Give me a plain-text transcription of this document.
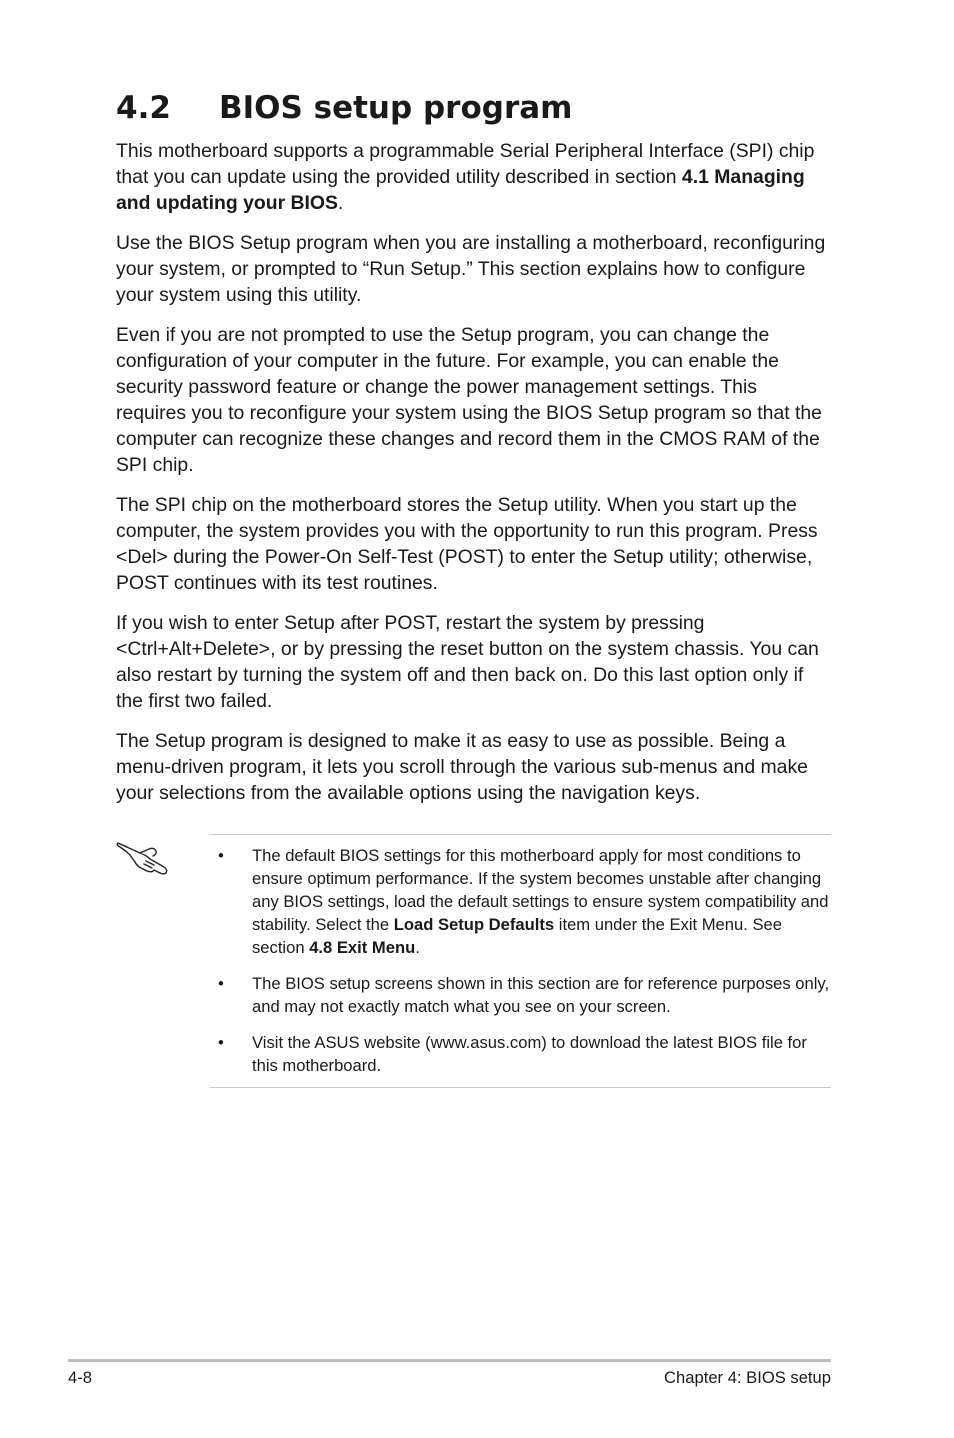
4.2 BIOS setup program

This motherboard supports a programmable Serial Peripheral Interface (SPI) chip that you can update using the provided utility described in section 4.1 Managing and updating your BIOS.

Use the BIOS Setup program when you are installing a motherboard, reconfiguring your system, or prompted to “Run Setup.” This section explains how to configure your system using this utility.

Even if you are not prompted to use the Setup program, you can change the configuration of your computer in the future. For example, you can enable the security password feature or change the power management settings. This requires you to reconfigure your system using the BIOS Setup program so that the computer can recognize these changes and record them in the CMOS RAM of the SPI chip.

The SPI chip on the motherboard stores the Setup utility. When you start up the computer, the system provides you with the opportunity to run this program. Press <Del> during the Power-On Self-Test (POST) to enter the Setup utility; otherwise, POST continues with its test routines.

If you wish to enter Setup after POST, restart the system by pressing <Ctrl+Alt+Delete>, or by pressing the reset button on the system chassis. You can also restart by turning the system off and then back on. Do this last option only if the first two failed.

The Setup program is designed to make it as easy to use as possible. Being a menu-driven program, it lets you scroll through the various sub-menus and make your selections from the available options using the navigation keys.

• The default BIOS settings for this motherboard apply for most conditions to ensure optimum performance. If the system becomes unstable after changing any BIOS settings, load the default settings to ensure system compatibility and stability. Select the Load Setup Defaults item under the Exit Menu. See section 4.8 Exit Menu.
• The BIOS setup screens shown in this section are for reference purposes only, and may not exactly match what you see on your screen.
• Visit the ASUS website (www.asus.com) to download the latest BIOS file for this motherboard.
4-8	Chapter 4: BIOS setup
